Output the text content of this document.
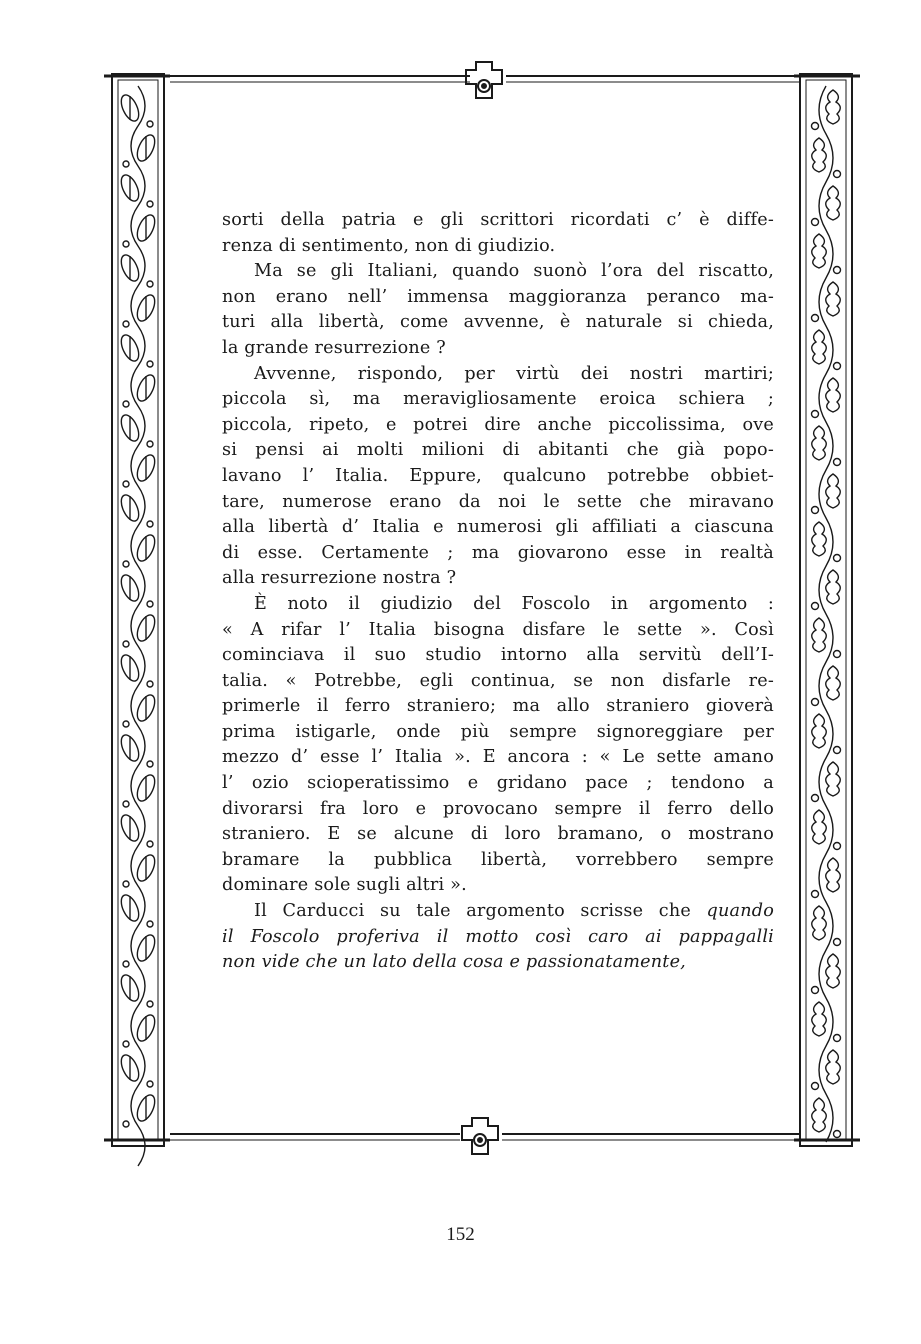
sorti della patria e gli scrittori ricordati c’ è diffe-
renza di sentimento, non di giudizio.
Ma se gli Italiani, quando suonò l’ora del riscatto,
non erano nell’ immensa maggioranza peranco ma-
turi alla libertà, come avvenne, è naturale si chieda,
la grande resurrezione ?
Avvenne, rispondo, per virtù dei nostri martiri;
piccola sì, ma meravigliosamente eroica schiera ;
piccola, ripeto, e potrei dire anche piccolissima, ove
si pensi ai molti milioni di abitanti che già popo-
lavano l’ Italia. Eppure, qualcuno potrebbe obbiet-
tare, numerose erano da noi le sette che miravano
alla libertà d’ Italia e numerosi gli affiliati a ciascuna
di esse. Certamente ; ma giovarono esse in realtà
alla resurrezione nostra ?
È noto il giudizio del Foscolo in argomento :
« A rifar l’ Italia bisogna disfare le sette ». Così
cominciava il suo studio intorno alla servitù dell’I-
talia. « Potrebbe, egli continua, se non disfarle re-
primerle il ferro straniero; ma allo straniero gioverà
prima istigarle, onde più sempre signoreggiare per
mezzo d’ esse l’ Italia ». E ancora : « Le sette amano
l’ ozio scioperatissimo e gridano pace ; tendono a
divorarsi fra loro e provocano sempre il ferro dello
straniero. E se alcune di loro bramano, o mostrano
bramare la pubblica libertà, vorrebbero sempre
dominare sole sugli altri ».
Il Carducci su tale argomento scrisse che quando
il Foscolo proferiva il motto così caro ai pappagalli
non vide che un lato della cosa e passionatamente,
152
